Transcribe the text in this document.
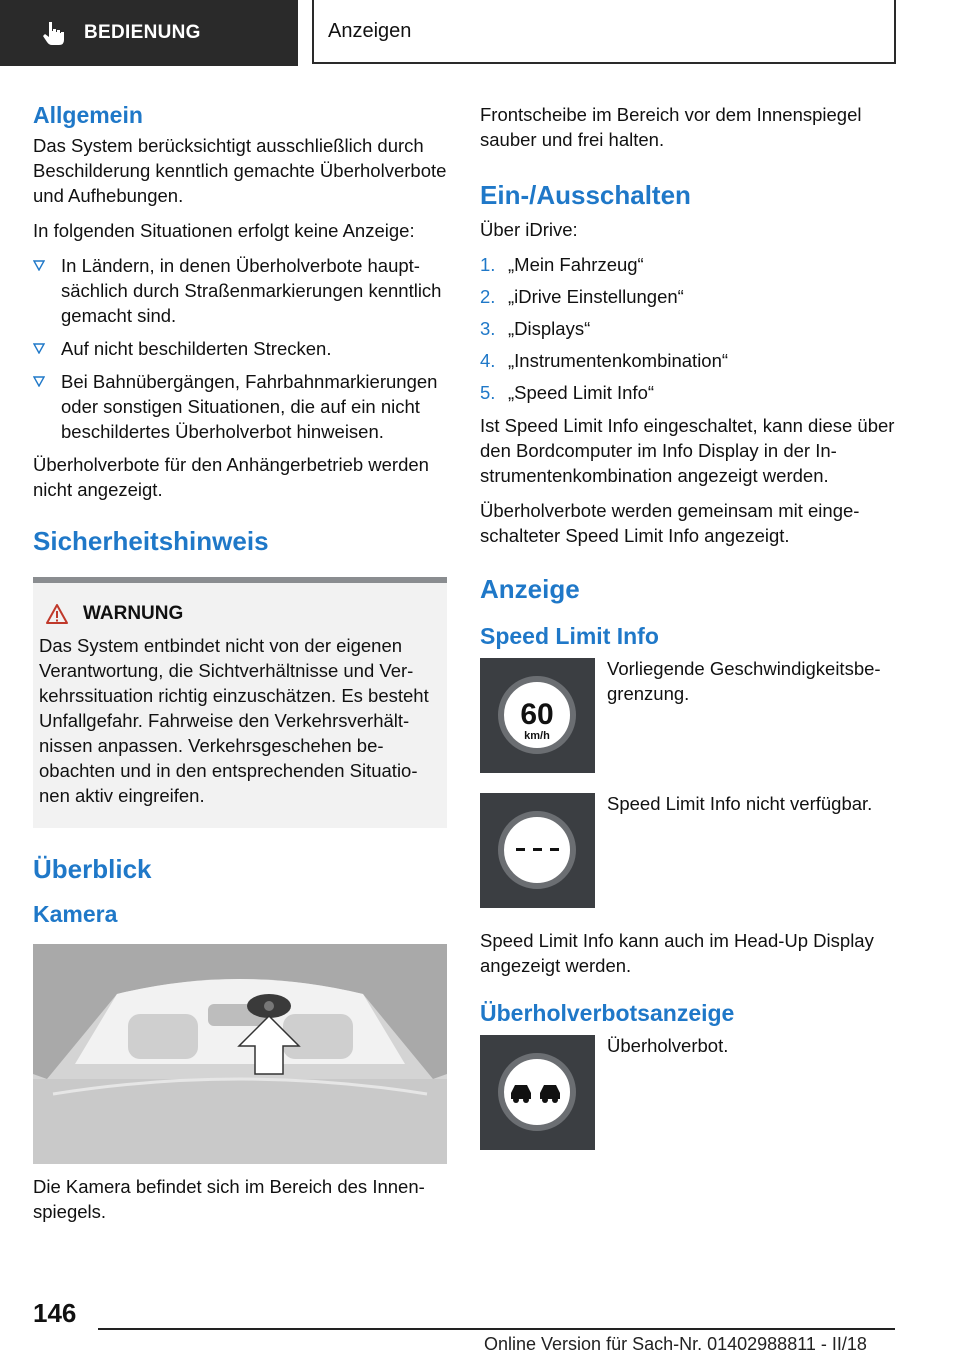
BEDIENUNG	Anzeigen
Allgemein

Das System berücksichtigt ausschließlich durch Beschilderung kenntlich gemachte Überholverbote und Aufhebungen.

In folgenden Situationen erfolgt keine Anzeige:

In Ländern, in denen Überholverbote hauptsächlich durch Straßenmarkierungen kenntlich gemacht sind.
Auf nicht beschilderten Strecken.
Bei Bahnübergängen, Fahrbahnmarkierungen oder sonstigen Situationen, die auf ein nicht beschildertes Überholverbot hinweisen.

Überholverbote für den Anhängerbetrieb werden nicht angezeigt.

Sicherheitshinweis
WARNUNG

Das System entbindet nicht von der eigenen Verantwortung, die Sichtverhältnisse und Verkehrssituation richtig einzuschätzen. Es besteht Unfallgefahr. Fahrweise den Verkehrsverhältnissen anpassen. Verkehrsgeschehen beobachten und in den entsprechenden Situationen aktiv eingreifen.

Überblick
Kamera

Die Kamera befindet sich im Bereich des Innenspiegels.

Frontscheibe im Bereich vor dem Innenspiegel sauber und frei halten.

Ein-/Ausschalten

Über iDrive:

1. „Mein Fahrzeug“
2. „iDrive Einstellungen“
3. „Displays“
4. „Instrumentenkombination“
5. „Speed Limit Info“

Ist Speed Limit Info eingeschaltet, kann diese über den Bordcomputer im Info Display in der Instrumentenkombination angezeigt werden.

Überholverbote werden gemeinsam mit eingeschalteter Speed Limit Info angezeigt.

Anzeige
Speed Limit Info
60
km/h

Vorliegende Geschwindigkeitsbegrenzung.

Speed Limit Info nicht verfügbar.

Speed Limit Info kann auch im Head-Up Display angezeigt werden.

Überholverbotsanzeige

Überholverbot.

146
Online Version für Sach-Nr. 01402988811 - II/18
